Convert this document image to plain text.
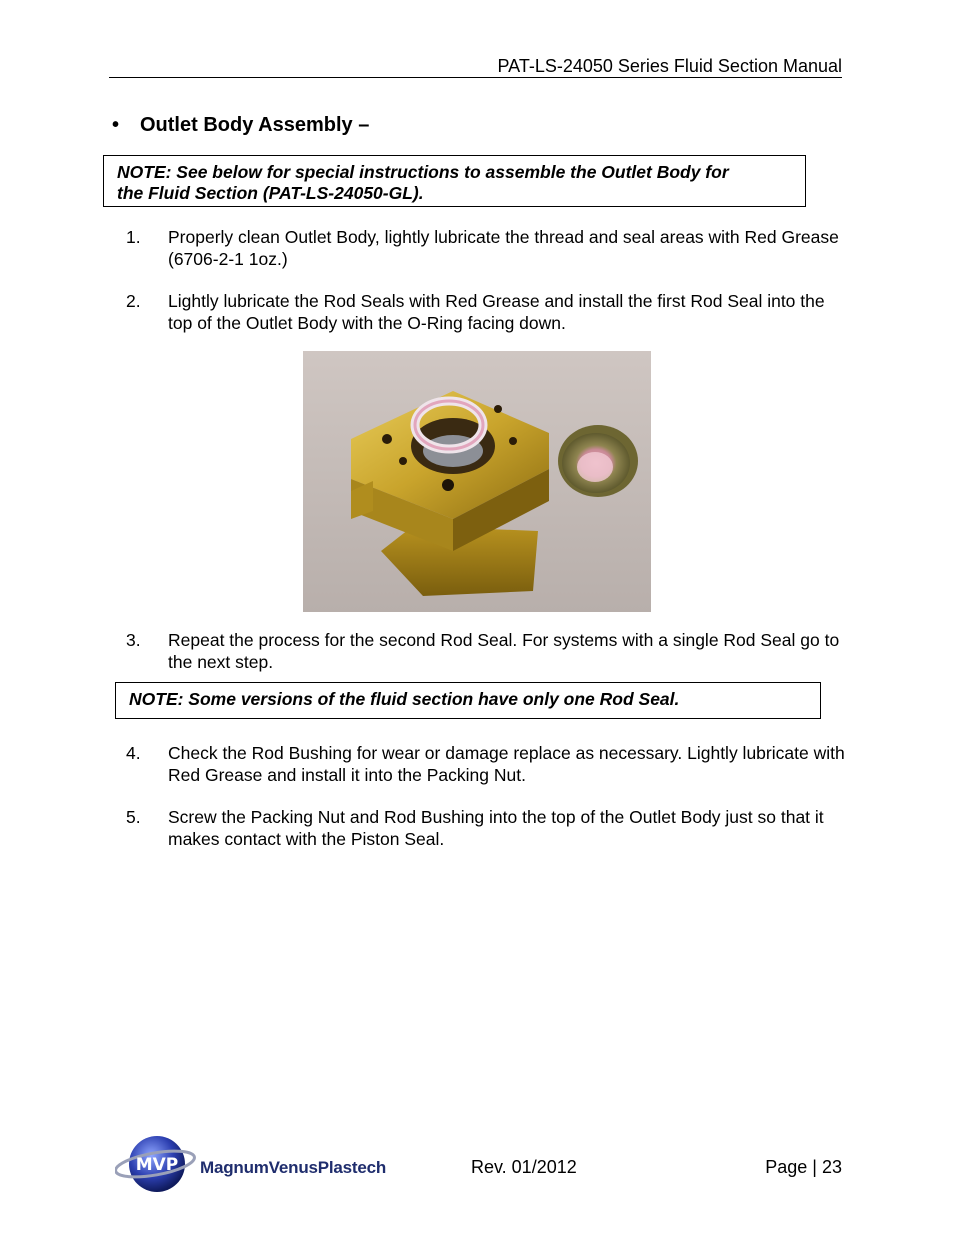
PAT-LS-24050 Series Fluid Section Manual
• Outlet Body Assembly –
NOTE: See below for special instructions to assemble the Outlet Body for
the Fluid Section (PAT-LS-24050-GL).
1. Properly clean Outlet Body, lightly lubricate the thread and seal areas with Red Grease (6706-2-1 1oz.)
2. Lightly lubricate the Rod Seals with Red Grease and install the first Rod Seal into the top of the Outlet Body with the O-Ring facing down.
3. Repeat the process for the second Rod Seal. For systems with a single Rod Seal go to the next step.
NOTE: Some versions of the fluid section have only one Rod Seal.
4. Check the Rod Bushing for wear or damage replace as necessary. Lightly lubricate with Red Grease and install it into the Packing Nut.
5. Screw the Packing Nut and Rod Bushing into the top of the Outlet Body just so that it makes contact with the Piston Seal.
MVP MagnumVenusPlastech	Rev. 01/2012	Page | 23
